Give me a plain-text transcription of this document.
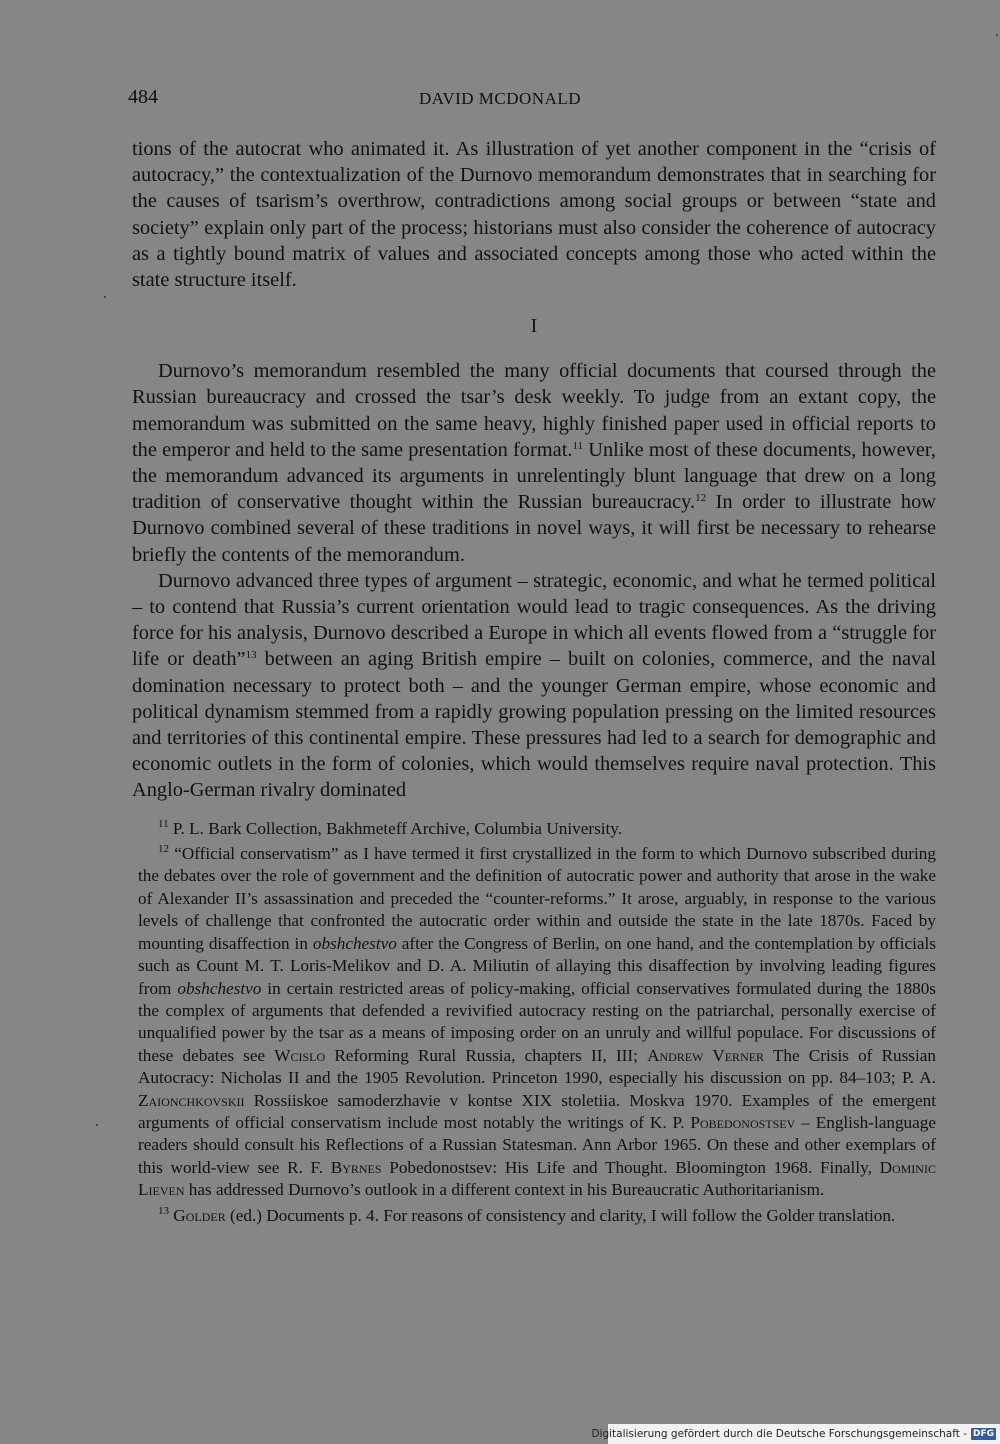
484	DAVID MCDONALD

tions of the autocrat who animated it. As illustration of yet another component in the “crisis of autocracy,” the contextualization of the Durnovo memorandum demonstrates that in searching for the causes of tsarism’s overthrow, contradictions among social groups or between “state and society” explain only part of the process; historians must also consider the coherence of autocracy as a tightly bound matrix of values and associated concepts among those who acted within the state structure itself.

I

Durnovo’s memorandum resembled the many official documents that coursed through the Russian bureaucracy and crossed the tsar’s desk weekly. To judge from an extant copy, the memorandum was submitted on the same heavy, highly finished paper used in official reports to the emperor and held to the same presentation format.$^{11}$ Unlike most of these documents, however, the memorandum advanced its arguments in unrelentingly blunt language that drew on a long tradition of conservative thought within the Russian bureaucracy.$^{12}$ In order to illustrate how Durnovo combined several of these traditions in novel ways, it will first be necessary to rehearse briefly the contents of the memorandum.

Durnovo advanced three types of argument – strategic, economic, and what he termed political – to contend that Russia’s current orientation would lead to tragic consequences. As the driving force for his analysis, Durnovo described a Europe in which all events flowed from a “struggle for life or death”$^{13}$ between an aging British empire – built on colonies, commerce, and the naval domination necessary to protect both – and the younger German empire, whose economic and political dynamism stemmed from a rapidly growing population pressing on the limited resources and territories of this continental empire. These pressures had led to a search for demographic and economic outlets in the form of colonies, which would themselves require naval protection. This Anglo-German rivalry dominated

$^{11}$ P. L. Bark Collection, Bakhmeteff Archive, Columbia University.

$^{12}$ “Official conservatism” as I have termed it first crystallized in the form to which Durnovo subscribed during the debates over the role of government and the definition of autocratic power and authority that arose in the wake of Alexander II’s assassination and preceded the “counter-reforms.” It arose, arguably, in response to the various levels of challenge that confronted the autocratic order within and outside the state in the late 1870s. Faced by mounting disaffection in obshchestvo after the Congress of Berlin, on one hand, and the contemplation by officials such as Count M. T. Loris-Melikov and D. A. Miliutin of allaying this disaffection by involving leading figures from obshchestvo in certain restricted areas of policy-making, official conservatives formulated during the 1880s the complex of arguments that defended a revivified autocracy resting on the patriarchal, personally exercise of unqualified power by the tsar as a means of imposing order on an unruly and willful populace. For discussions of these debates see Wcislo Reforming Rural Russia, chapters II, III; Andrew Verner The Crisis of Russian Autocracy: Nicholas II and the 1905 Revolution. Princeton 1990, especially his discussion on pp. 84–103; P. A. Zaionchkovskii Rossiiskoe samoderzhavie v kontse XIX stoletiia. Moskva 1970. Examples of the emergent arguments of official conservatism include most notably the writings of K. P. Pobedonostsev – English-language readers should consult his Reflections of a Russian Statesman. Ann Arbor 1965. On these and other exemplars of this world-view see R. F. Byrnes Pobedonostsev: His Life and Thought. Bloomington 1968. Finally, Dominic Lieven has addressed Durnovo’s outlook in a different context in his Bureaucratic Authoritarianism.

$^{13}$ Golder (ed.) Documents p. 4. For reasons of consistency and clarity, I will follow the Golder translation.

Digitalisierung gefördert durch die Deutsche Forschungsgemeinschaft - DFG
